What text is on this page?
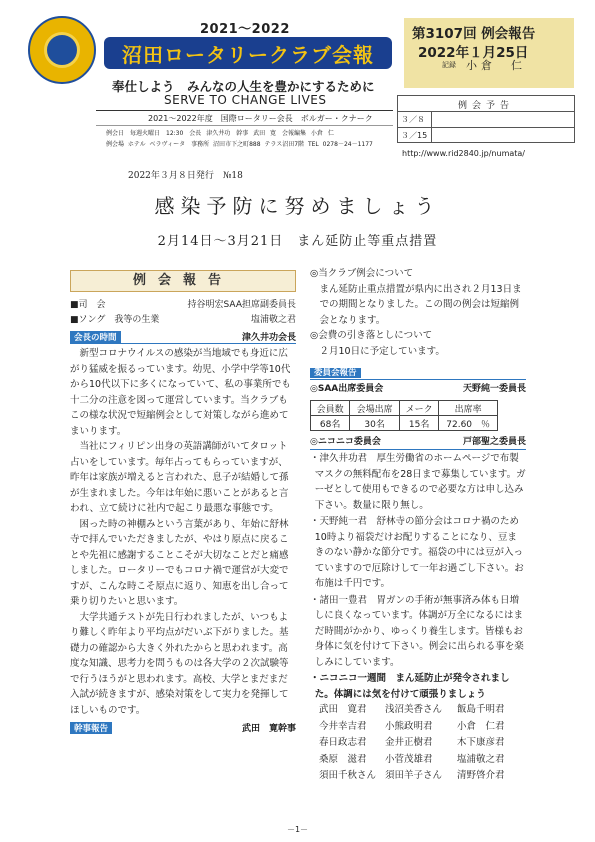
2021～2022
沼田ロータリークラブ会報
奉仕しよう　みんなの人生を豊かにするために
SERVE TO CHANGE LIVES
2021～2022年度　国際ロータリー会長　ボルガー・クナーク
例会日　毎週火曜日　12:30　会長 津久井功　幹事 武田 寛　会報編集 小倉 仁
例会場 ホテル ベラヴィータ　事務所 沼田市下之町888 テラス沼田7階 TEL 0278－24－1177
第3107回 例会報告
2022年１月25日
記録 小倉　仁
３／８
３／15
例会予告
http://www.rid2840.jp/numata/
2022年３月８日発行　№18
感染予防に努めましょう
2月14日～3月21日　まん延防止等重点措置
例会報告
■司　会	持谷明宏SAA担席副委員長
■ソング　我等の生業	塩浦敬之君
会長の時間	津久井功会長

新型コロナウイルスの感染が当地域でも身近に広がり猛威を振るっています。幼児、小学中学等10代から10代以下に多くになっていて、私の事業所でも十二分の注意を図って運営しています。当クラブもこの様な状況で短縮例会として対策しながら進めてまいります。

当社にフィリピン出身の英語講師がいてタロット占いをしています。毎年占ってもらっていますが、昨年は家族が増えると言われた、息子が結婚して孫が生まれました。今年は年始に悪いことがあると言われ、立て続けに社内で起こり最悪な事態です。

困った時の神棚みという言葉があり、年始に舒林寺で拝んでいただきましたが、やはり原点に戻ることや先祖に感謝することこそが大切なことだと痛感しました。ロータリーでもコロナ禍で運営が大変ですが、こんな時こそ原点に返り、知恵を出し合って乗り切りたいと思います。

大学共通テストが先日行われましたが、いつもより難しく昨年より平均点がだいぶ下がりました。基礎力の確認から大きく外れたからと思われます。高度な知識、思考力を問うものは各大学の２次試験等で行うほうがと思われます。高校、大学とまだまだ入試が続きますが、感染対策をして実力を発揮してほしいものです。

幹事報告	武田　寛幹事
◎当クラブ例会について
まん延防止重点措置が県内に出され２月13日までの期間となりました。この間の例会は短縮例会となります。
◎会費の引き落としについて
２月10日に予定しています。
委員会報告
◎SAA出席委員会	天野純一委員長
会員数	会場出席	メーク	出席率
68名	30名	15名	72.60　％
◎ニコニコ委員会	戸部聖之委員長
・津久井功君　厚生労働省のホームページで布製マスクの無料配布を28日まで募集しています。ガーゼとして使用もできるので必要な方は申し込み下さい。数量に限り無し。
・天野純一君　舒林寺の節分会はコロナ禍のため10時より福袋だけお配りすることになり、豆まきのない静かな節分です。福袋の中には豆が入っていますので厄除けして一年お過ごし下さい。お布施は千円です。
・諸田一豊君　胃ガンの手術が無事済み体も日増しに良くなっています。体調が万全になるにはまだ時間がかかり、ゆっくり養生します。皆様もお身体に気を付けて下さい。例会に出られる事を楽しみにしています。
・ニコニコ一週間　まん延防止が発令されました。体調には気を付けて頑張りましょう
武田　寛君	浅沼美香さん	飯島千明君
今井幸吉君	小熊政明君	小倉　仁君
春日政志君	金井正樹君	木下康彦君
桑原　滋君	小菅茂雄君	塩浦敬之君
須田千秋さん	須田羊子さん	清野啓介君
－1－
